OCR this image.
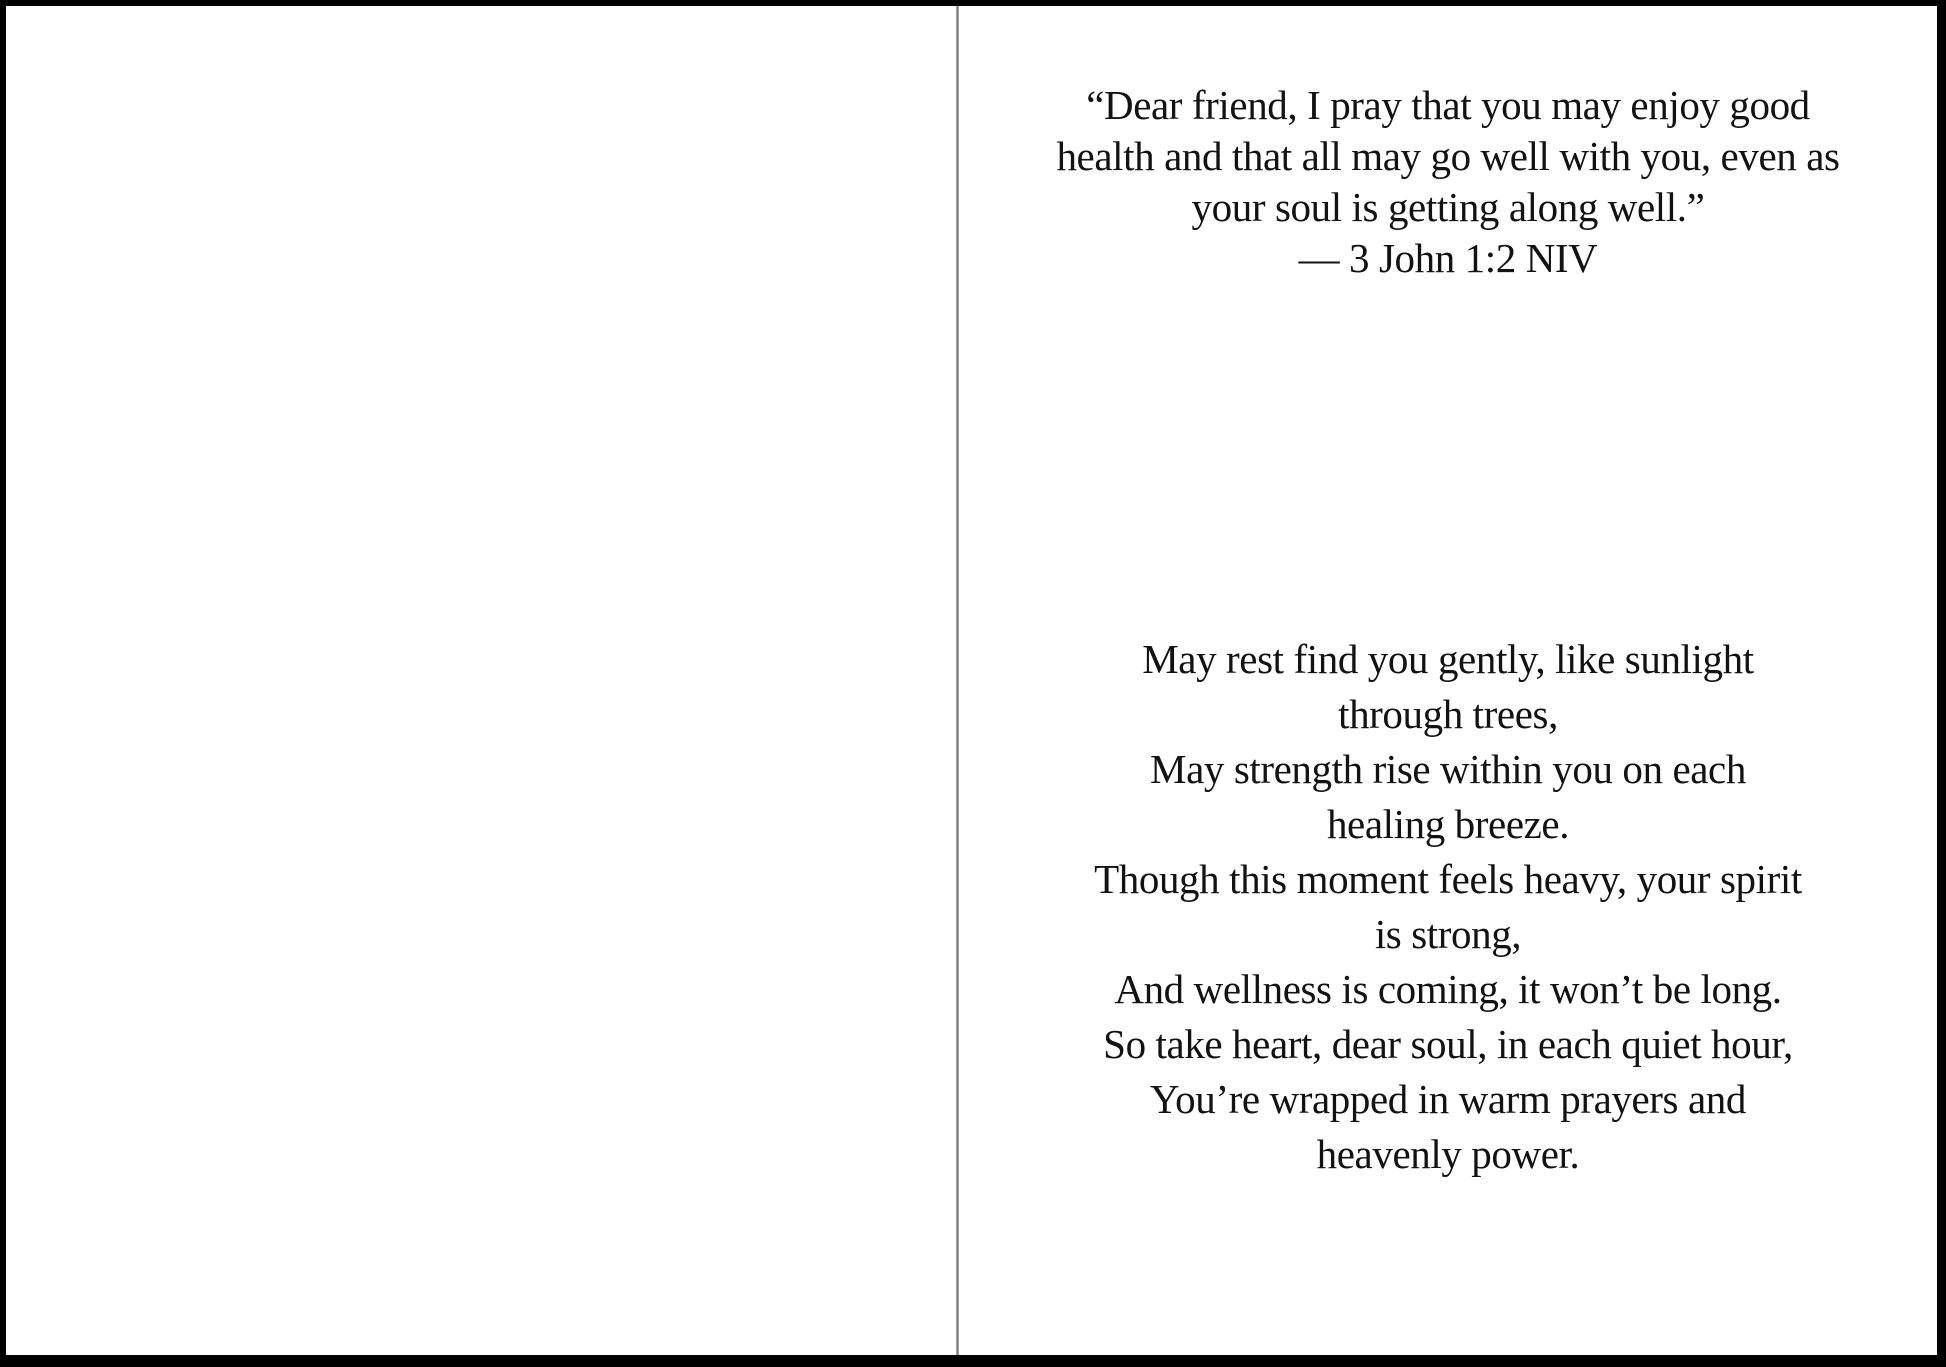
“Dear friend, I pray that you may enjoy good
health and that all may go well with you, even as
your soul is getting along well.”
— 3 John 1:2 NIV
May rest find you gently, like sunlight
through trees,
May strength rise within you on each
healing breeze.
Though this moment feels heavy, your spirit
is strong,
And wellness is coming, it won’t be long.
So take heart, dear soul, in each quiet hour,
You’re wrapped in warm prayers and
heavenly power.
